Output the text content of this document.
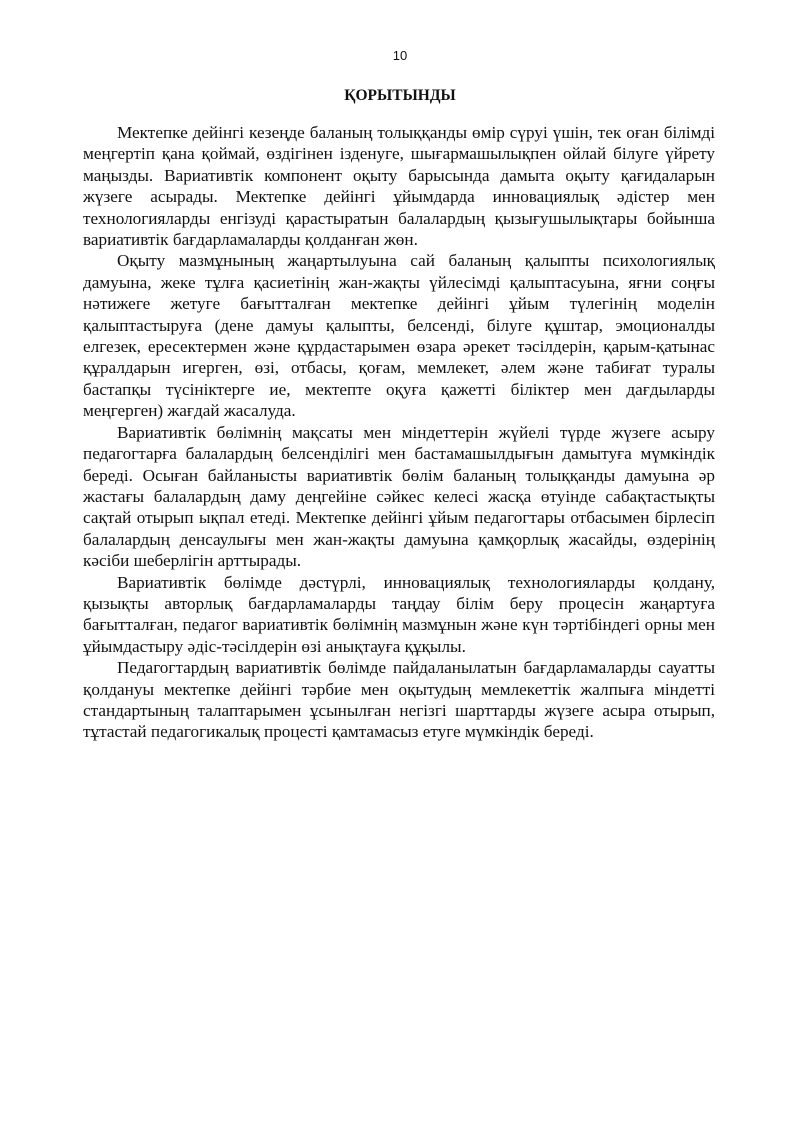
10
ҚОРЫТЫНДЫ

Мектепке дейінгі кезеңде баланың толыққанды өмір сүруі үшін, тек оған білімді меңгертіп қана қоймай, өздігінен ізденуге, шығармашылықпен ойлай білуге үйрету маңызды. Вариативтік компонент оқыту барысында дамыта оқыту қағидаларын жүзеге асырады. Мектепке дейінгі ұйымдарда инновациялық әдістер мен технологияларды енгізуді қарастыратын балалардың қызығушылықтары бойынша вариативтік бағдарламаларды қолданған жөн.

Оқыту мазмұнының жаңартылуына сай баланың қалыпты психологиялық дамуына, жеке тұлға қасиетінің жан-жақты үйлесімді қалыптасуына, яғни соңғы нәтижеге жетуге бағытталған мектепке дейінгі ұйым түлегінің моделін қалыптастыруға (дене дамуы қалыпты, белсенді, білуге құштар, эмоционалды елгезек, ересектермен және құрдастарымен өзара әрекет тәсілдерін, қарым-қатынас құралдарын игерген, өзі, отбасы, қоғам, мемлекет, әлем және табиғат туралы бастапқы түсініктерге ие, мектепте оқуға қажетті біліктер мен дағдыларды меңгерген) жағдай жасалуда.

Вариативтік бөлімнің мақсаты мен міндеттерін жүйелі түрде жүзеге асыру педагогтарға балалардың белсенділігі мен бастамашылдығын дамытуға мүмкіндік береді. Осыған байланысты вариативтік бөлім баланың толыққанды дамуына әр жастағы балалардың даму деңгейіне сәйкес келесі жасқа өтуінде сабақтастықты сақтай отырып ықпал етеді. Мектепке дейінгі ұйым педагогтары отбасымен бірлесіп балалардың денсаулығы мен жан-жақты дамуына қамқорлық жасайды, өздерінің кәсіби шеберлігін арттырады.

Вариативтік бөлімде дәстүрлі, инновациялық технологияларды қолдану, қызықты авторлық бағдарламаларды таңдау білім беру процесін жаңартуға бағытталған, педагог вариативтік бөлімнің мазмұнын және күн тәртібіндегі орны мен ұйымдастыру әдіс-тәсілдерін өзі анықтауға құқылы.

Педагогтардың вариативтік бөлімде пайдаланылатын бағдарламаларды сауатты қолдануы мектепке дейінгі тәрбие мен оқытудың мемлекеттік жалпыға міндетті стандартының талаптарымен ұсынылған негізгі шарттарды жүзеге асыра отырып, тұтастай педагогикалық процесті қамтамасыз етуге мүмкіндік береді.
